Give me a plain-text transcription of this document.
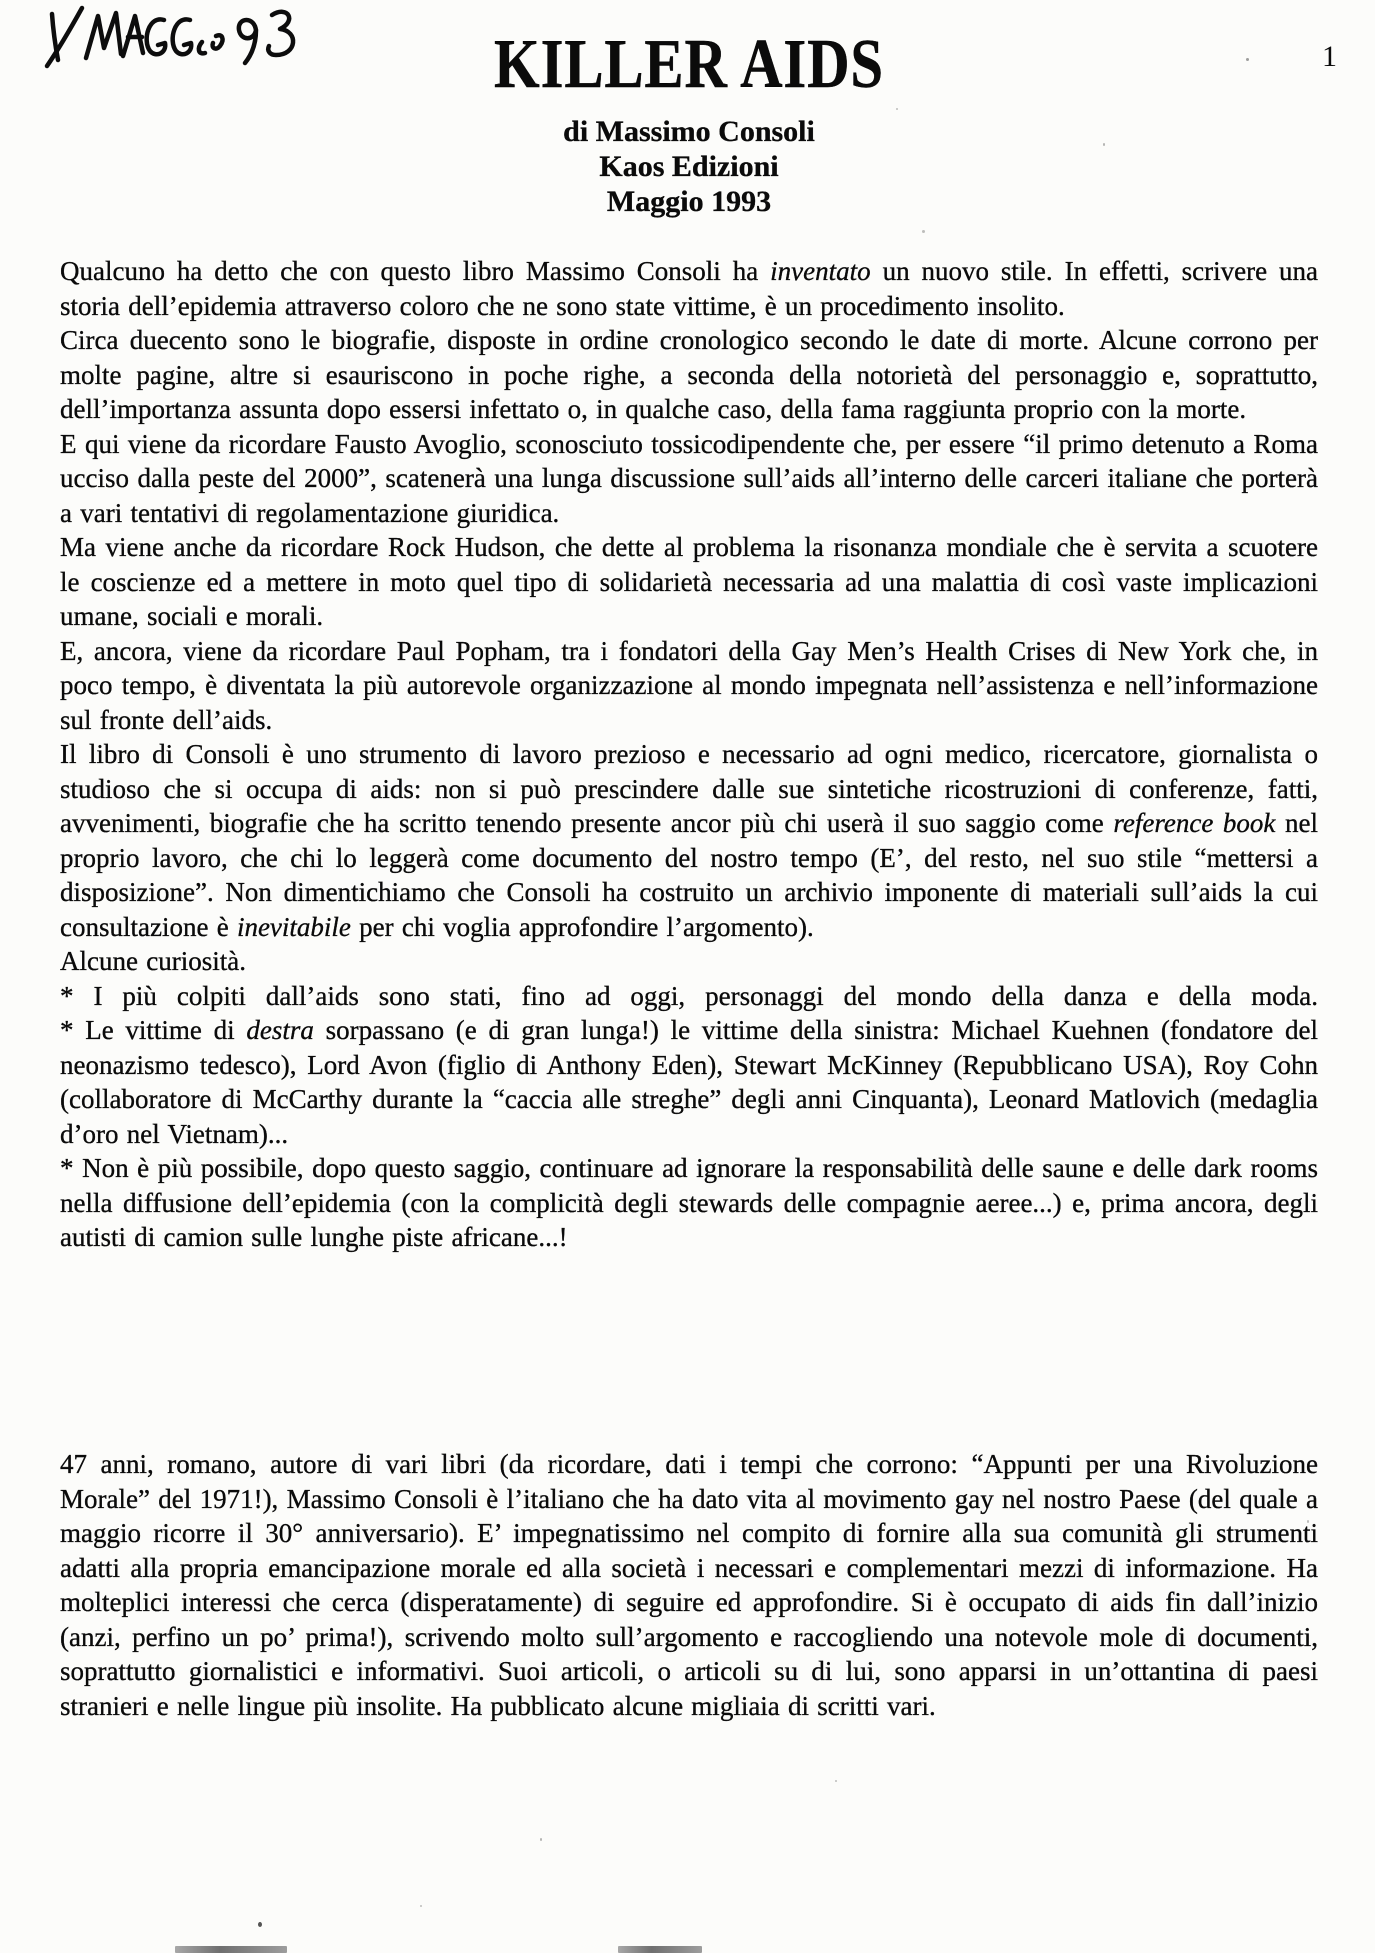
1
KILLER AIDS
di Massimo Consoli
Kaos Edizioni
Maggio 1993

Qualcuno ha detto che con questo libro Massimo Consoli ha inventato un nuovo stile. In effetti, scrivere una storia dell’epidemia attraverso coloro che ne sono state vittime, è un procedimento insolito.

Circa duecento sono le biografie, disposte in ordine cronologico secondo le date di morte. Alcune corrono per molte pagine, altre si esauriscono in poche righe, a seconda della notorietà del personaggio e, soprattutto, dell’importanza assunta dopo essersi infettato o, in qualche caso, della fama raggiunta proprio con la morte.

E qui viene da ricordare Fausto Avoglio, sconosciuto tossicodipendente che, per essere “il primo detenuto a Roma ucciso dalla peste del 2000”, scatenerà una lunga discussione sull’aids all’interno delle carceri italiane che porterà a vari tentativi di regolamentazione giuridica.

Ma viene anche da ricordare Rock Hudson, che dette al problema la risonanza mondiale che è servita a scuotere le coscienze ed a mettere in moto quel tipo di solidarietà necessaria ad una malattia di così vaste implicazioni umane, sociali e morali.

E, ancora, viene da ricordare Paul Popham, tra i fondatori della Gay Men’s Health Crises di New York che, in poco tempo, è diventata la più autorevole organizzazione al mondo impegnata nell’assistenza e nell’informazione sul fronte dell’aids.

Il libro di Consoli è uno strumento di lavoro prezioso e necessario ad ogni medico, ricercatore, giornalista o studioso che si occupa di aids: non si può prescindere dalle sue sintetiche ricostruzioni di conferenze, fatti, avvenimenti, biografie che ha scritto tenendo presente ancor più chi userà il suo saggio come reference book nel proprio lavoro, che chi lo leggerà come documento del nostro tempo (E’, del resto, nel suo stile “mettersi a disposizione”. Non dimentichiamo che Consoli ha costruito un archivio imponente di materiali sull’aids la cui consultazione è inevitabile per chi voglia approfondire l’argomento).

Alcune curiosità.

* I più colpiti dall’aids sono stati, fino ad oggi, personaggi del mondo della danza e della moda.

* Le vittime di destra sorpassano (e di gran lunga!) le vittime della sinistra: Michael Kuehnen (fondatore del neonazismo tedesco), Lord Avon (figlio di Anthony Eden), Stewart McKinney (Repubblicano USA), Roy Cohn (collaboratore di McCarthy durante la “caccia alle streghe” degli anni Cinquanta), Leonard Matlovich (medaglia d’oro nel Vietnam)...

* Non è più possibile, dopo questo saggio, continuare ad ignorare la responsabilità delle saune e delle dark rooms nella diffusione dell’epidemia (con la complicità degli stewards delle compagnie aeree...) e, prima ancora, degli autisti di camion sulle lunghe piste africane...!

47 anni, romano, autore di vari libri (da ricordare, dati i tempi che corrono: “Appunti per una Rivoluzione Morale” del 1971!), Massimo Consoli è l’italiano che ha dato vita al movimento gay nel nostro Paese (del quale a maggio ricorre il 30° anniversario). E’ impegnatissimo nel compito di fornire alla sua comunità gli strumenti adatti alla propria emancipazione morale ed alla società i necessari e complementari mezzi di informazione. Ha molteplici interessi che cerca (disperatamente) di seguire ed approfondire. Si è occupato di aids fin dall’inizio (anzi, perfino un po’ prima!), scrivendo molto sull’argomento e raccogliendo una notevole mole di documenti, soprattutto giornalistici e informativi. Suoi articoli, o articoli su di lui, sono apparsi in un’ottantina di paesi stranieri e nelle lingue più insolite. Ha pubblicato alcune migliaia di scritti vari.
